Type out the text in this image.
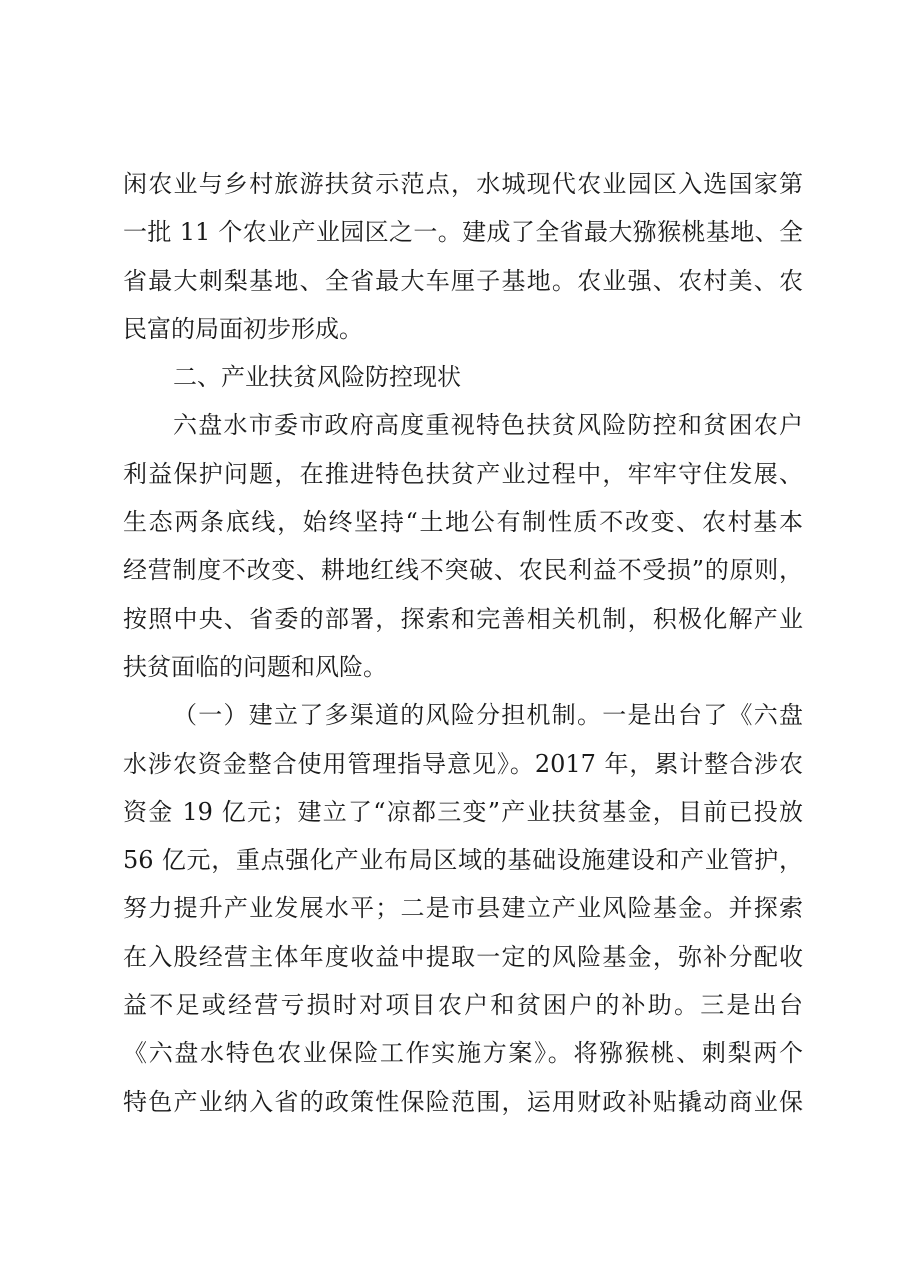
闲农业与乡村旅游扶贫示范点，水城现代农业园区入选国家第
一批 11 个农业产业园区之一。建成了全省最大猕猴桃基地、全
省最大刺梨基地、全省最大车厘子基地。农业强、农村美、农
民富的局面初步形成。
二、产业扶贫风险防控现状
六盘水市委市政府高度重视特色扶贫风险防控和贫困农户
利益保护问题，在推进特色扶贫产业过程中，牢牢守住发展、
生态两条底线，始终坚持“土地公有制性质不改变、农村基本
经营制度不改变、耕地红线不突破、农民利益不受损”的原则，
按照中央、省委的部署，探索和完善相关机制，积极化解产业
扶贫面临的问题和风险。
（一）建立了多渠道的风险分担机制。一是出台了《六盘
水涉农资金整合使用管理指导意见》。2017 年，累计整合涉农
资金 19 亿元；建立了“凉都三变”产业扶贫基金，目前已投放
56 亿元，重点强化产业布局区域的基础设施建设和产业管护，
努力提升产业发展水平；二是市县建立产业风险基金。并探索
在入股经营主体年度收益中提取一定的风险基金，弥补分配收
益不足或经营亏损时对项目农户和贫困户的补助。三是出台
《六盘水特色农业保险工作实施方案》。将猕猴桃、刺梨两个
特色产业纳入省的政策性保险范围，运用财政补贴撬动商业保
